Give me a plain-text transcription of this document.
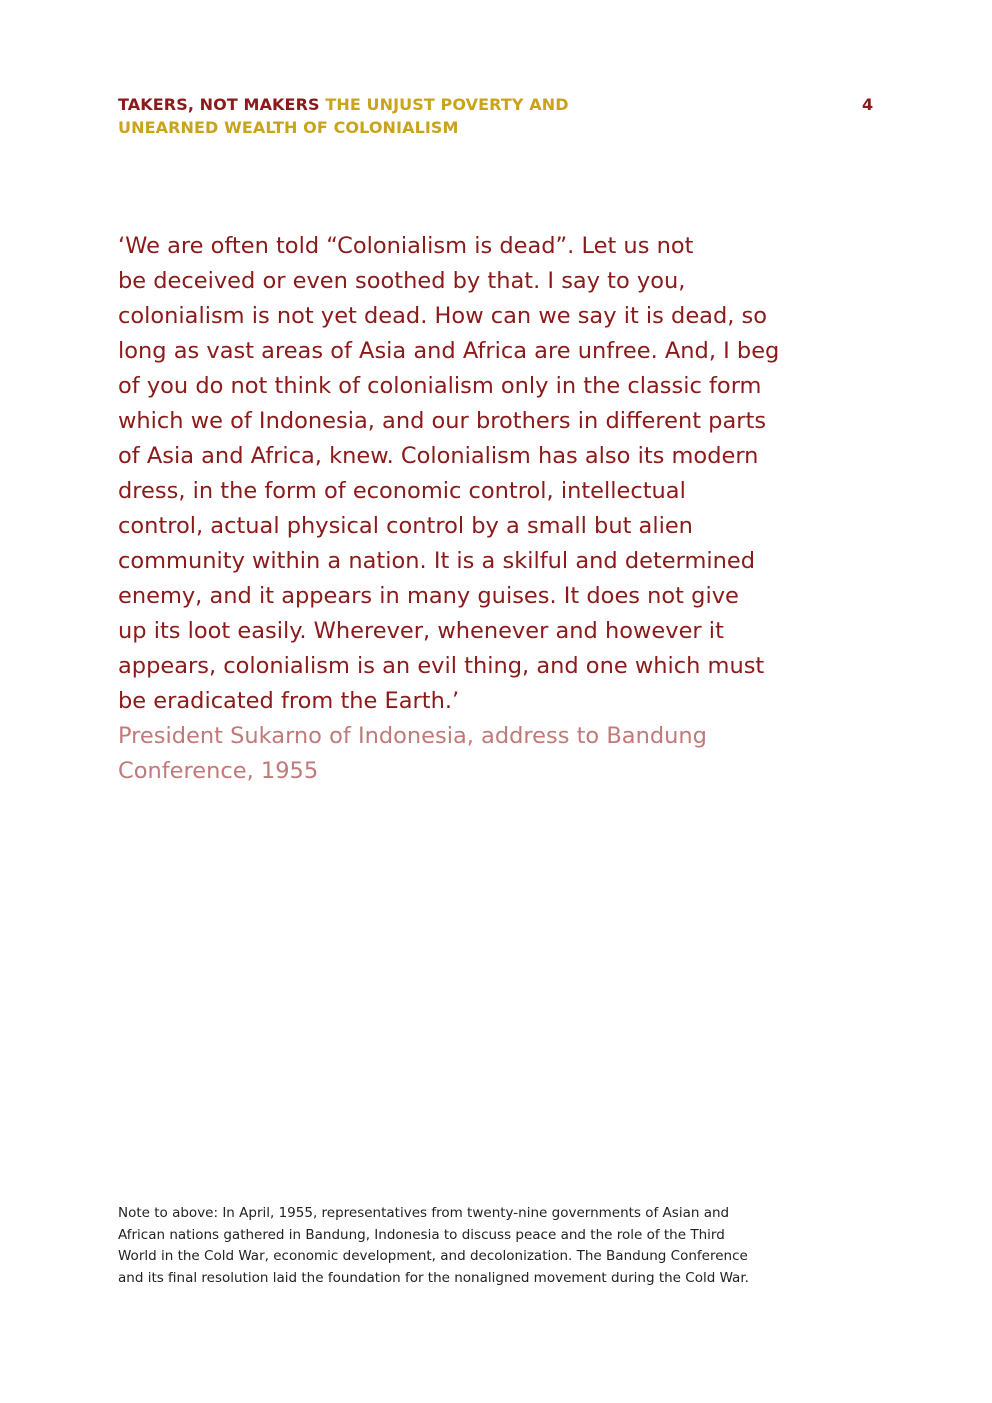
TAKERS, NOT MAKERS THE UNJUST POVERTY AND
UNEARNED WEALTH OF COLONIALISM
4
‘We are often told “Colonialism is dead”. Let us not
be deceived or even soothed by that. I say to you,
colonialism is not yet dead. How can we say it is dead, so
long as vast areas of Asia and Africa are unfree. And, I beg
of you do not think of colonialism only in the classic form
which we of Indonesia, and our brothers in different parts
of Asia and Africa, knew. Colonialism has also its modern
dress, in the form of economic control, intellectual
control, actual physical control by a small but alien
community within a nation. It is a skilful and determined
enemy, and it appears in many guises. It does not give
up its loot easily. Wherever, whenever and however it
appears, colonialism is an evil thing, and one which must
be eradicated from the Earth.’
President Sukarno of Indonesia, address to Bandung
Conference, 1955
Note to above: In April, 1955, representatives from twenty-nine governments of Asian and
African nations gathered in Bandung, Indonesia to discuss peace and the role of the Third
World in the Cold War, economic development, and decolonization. The Bandung Conference
and its final resolution laid the foundation for the nonaligned movement during the Cold War.
